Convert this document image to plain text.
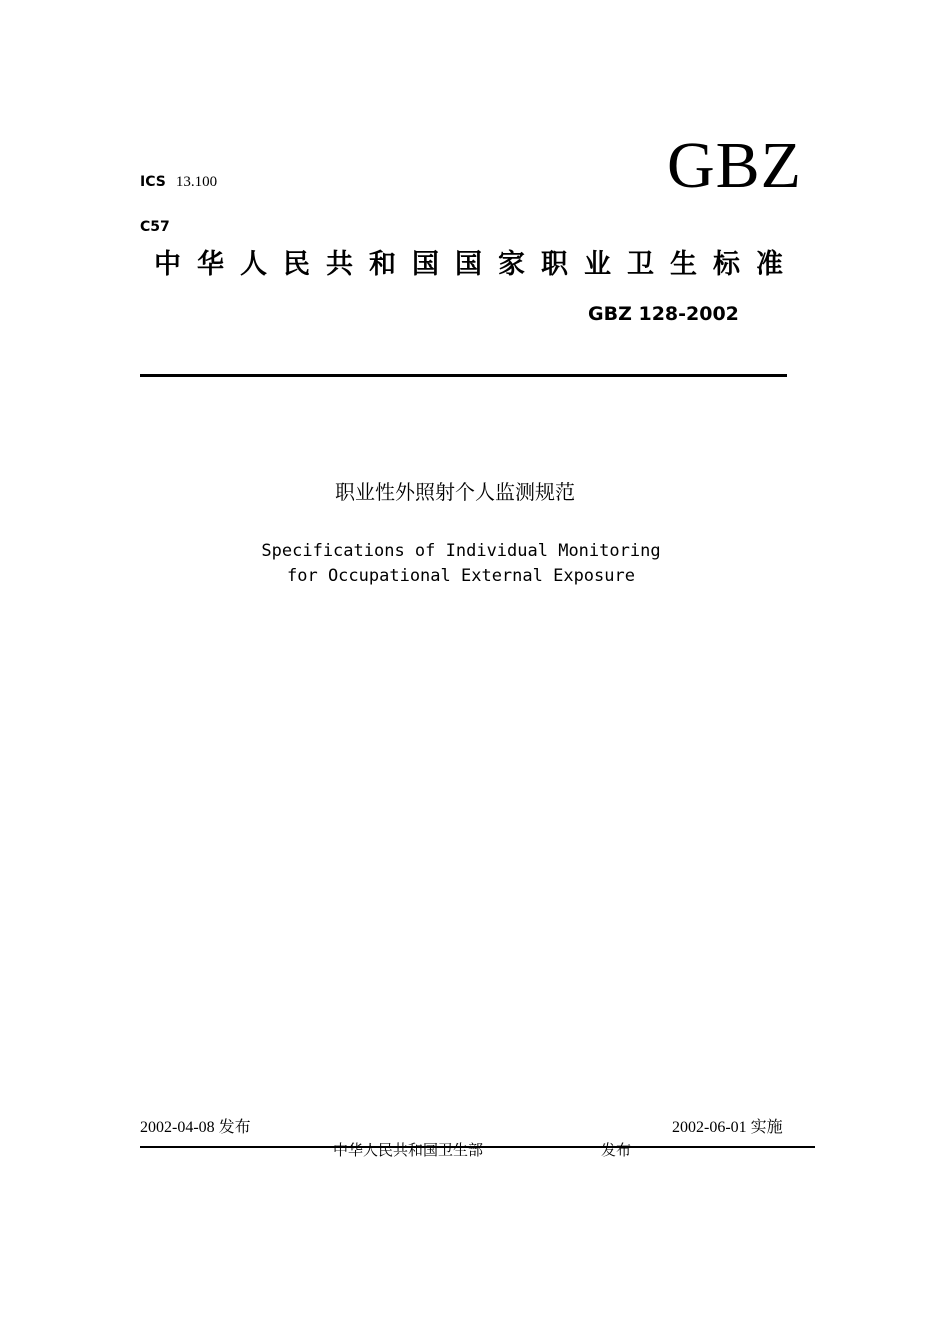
ICS 13.100	GBZ
C57
中华人民共和国国家职业卫生标准
GBZ 128-2002
职业性外照射个人监测规范
Specifications of Individual Monitoring
for Occupational External Exposure
2002-04-08 发布	2002-06-01 实施
中华人民共和国卫生部	发布
